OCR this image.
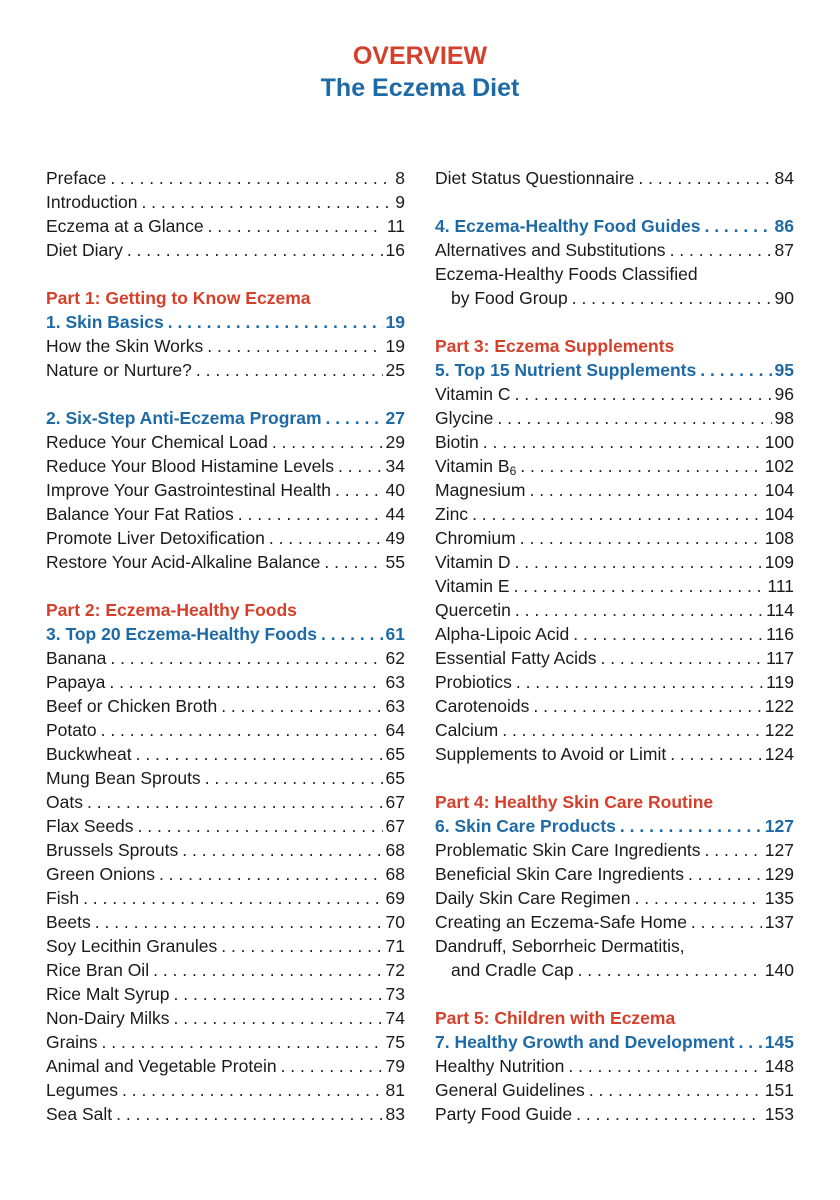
OVERVIEW
The Eczema Diet
Preface . . .	8
Introduction . . .	9
Eczema at a Glance . . .	11
Diet Diary . . .	16
Part 1: Getting to Know Eczema
1. Skin Basics . . .	19
How the Skin Works . . .	19
Nature or Nurture? . . .	25
2. Six-Step Anti-Eczema Program . . .	27
Reduce Your Chemical Load . . .	29
Reduce Your Blood Histamine Levels . . .	34
Improve Your Gastrointestinal Health . . .	40
Balance Your Fat Ratios . . .	44
Promote Liver Detoxification . . .	49
Restore Your Acid-Alkaline Balance . . .	55
Part 2: Eczema-Healthy Foods
3. Top 20 Eczema-Healthy Foods . . .	61
Banana . . .	62
Papaya . . .	63
Beef or Chicken Broth . . .	63
Potato . . .	64
Buckwheat . . .	65
Mung Bean Sprouts . . .	65
Oats . . .	67
Flax Seeds . . .	67
Brussels Sprouts . . .	68
Green Onions . . .	68
Fish . . .	69
Beets . . .	70
Soy Lecithin Granules . . .	71
Rice Bran Oil . . .	72
Rice Malt Syrup . . .	73
Non-Dairy Milks . . .	74
Grains . . .	75
Animal and Vegetable Protein . . .	79
Legumes . . .	81
Sea Salt . . .	83
Diet Status Questionnaire . . .	84
4. Eczema-Healthy Food Guides . . .	86
Alternatives and Substitutions . . .	87
Eczema-Healthy Foods Classified
by Food Group . . .	90
Part 3: Eczema Supplements
5. Top 15 Nutrient Supplements . . .	95
Vitamin C . . .	96
Glycine . . .	98
Biotin . . .	100
Vitamin $B_6$ . . .	102
Magnesium . . .	104
Zinc . . .	104
Chromium . . .	108
Vitamin D . . .	109
Vitamin E . . .	111
Quercetin . . .	114
Alpha-Lipoic Acid . . .	116
Essential Fatty Acids . . .	117
Probiotics . . .	119
Carotenoids . . .	122
Calcium . . .	122
Supplements to Avoid or Limit . . .	124
Part 4: Healthy Skin Care Routine
6. Skin Care Products . . .	127
Problematic Skin Care Ingredients . . .	127
Beneficial Skin Care Ingredients . . .	129
Daily Skin Care Regimen . . .	135
Creating an Eczema-Safe Home . . .	137
Dandruff, Seborrheic Dermatitis,
and Cradle Cap . . .	140
Part 5: Children with Eczema
7. Healthy Growth and Development . . . 145
Healthy Nutrition . . .	148
General Guidelines . . .	151
Party Food Guide . . .	153
